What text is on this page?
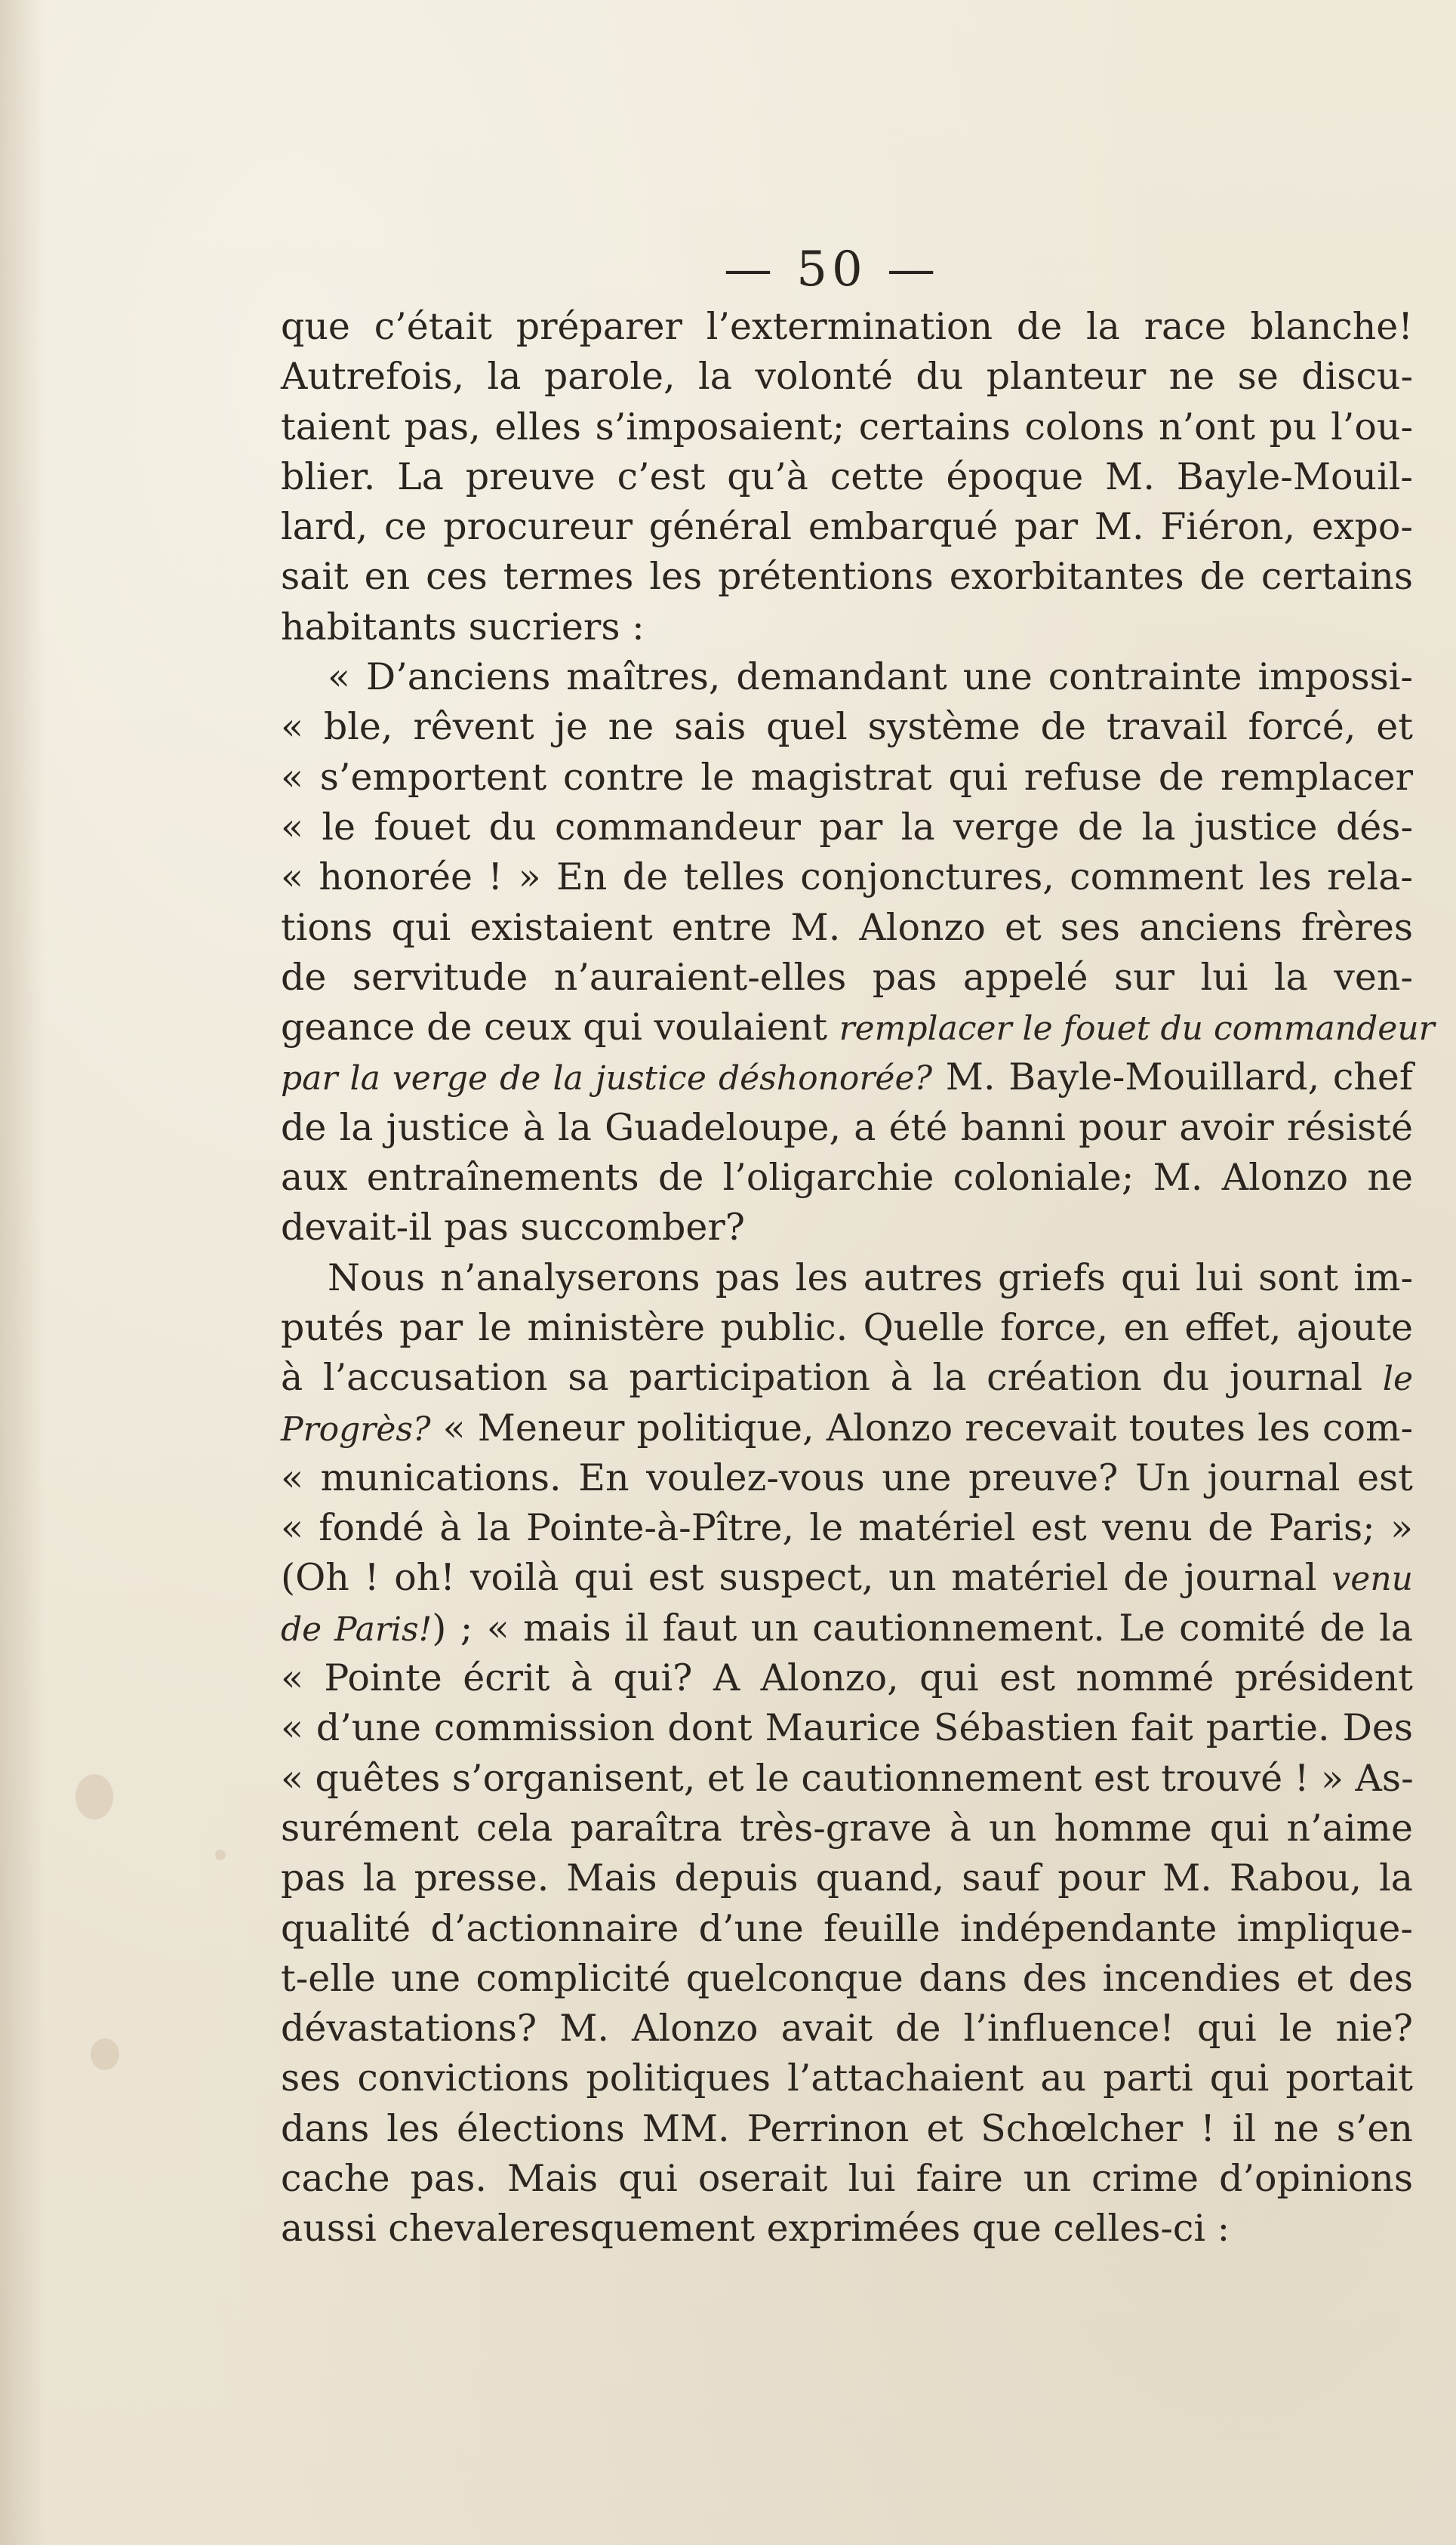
— 50 —
que c’était préparer l’extermination de la race blanche!
Autrefois, la parole, la volonté du planteur ne se discu-
taient pas, elles s’imposaient; certains colons n’ont pu l’ou-
blier. La preuve c’est qu’à cette époque M. Bayle-Mouil-
lard, ce procureur général embarqué par M. Fiéron, expo-
sait en ces termes les prétentions exorbitantes de certains
habitants sucriers :
« D’anciens maîtres, demandant une contrainte impossi-
« ble, rêvent je ne sais quel système de travail forcé, et
« s’emportent contre le magistrat qui refuse de remplacer
« le fouet du commandeur par la verge de la justice dés-
« honorée ! » En de telles conjonctures, comment les rela-
tions qui existaient entre M. Alonzo et ses anciens frères
de servitude n’auraient-elles pas appelé sur lui la ven-
geance de ceux qui voulaient remplacer le fouet du commandeur
par la verge de la justice déshonorée? M. Bayle-Mouillard, chef
de la justice à la Guadeloupe, a été banni pour avoir résisté
aux entraînements de l’oligarchie coloniale; M. Alonzo ne
devait-il pas succomber?
Nous n’analyserons pas les autres griefs qui lui sont im-
putés par le ministère public. Quelle force, en effet, ajoute
à l’accusation sa participation à la création du journal le
Progrès? « Meneur politique, Alonzo recevait toutes les com-
« munications. En voulez-vous une preuve? Un journal est
« fondé à la Pointe-à-Pître, le matériel est venu de Paris; »
(Oh ! oh! voilà qui est suspect, un matériel de journal venu
de Paris!) ; « mais il faut un cautionnement. Le comité de la
« Pointe écrit à qui? A Alonzo, qui est nommé président
« d’une commission dont Maurice Sébastien fait partie. Des
« quêtes s’organisent, et le cautionnement est trouvé ! » As-
surément cela paraîtra très-grave à un homme qui n’aime
pas la presse. Mais depuis quand, sauf pour M. Rabou, la
qualité d’actionnaire d’une feuille indépendante implique-
t-elle une complicité quelconque dans des incendies et des
dévastations? M. Alonzo avait de l’influence! qui le nie?
ses convictions politiques l’attachaient au parti qui portait
dans les élections MM. Perrinon et Schœlcher ! il ne s’en
cache pas. Mais qui oserait lui faire un crime d’opinions
aussi chevaleresquement exprimées que celles-ci :
